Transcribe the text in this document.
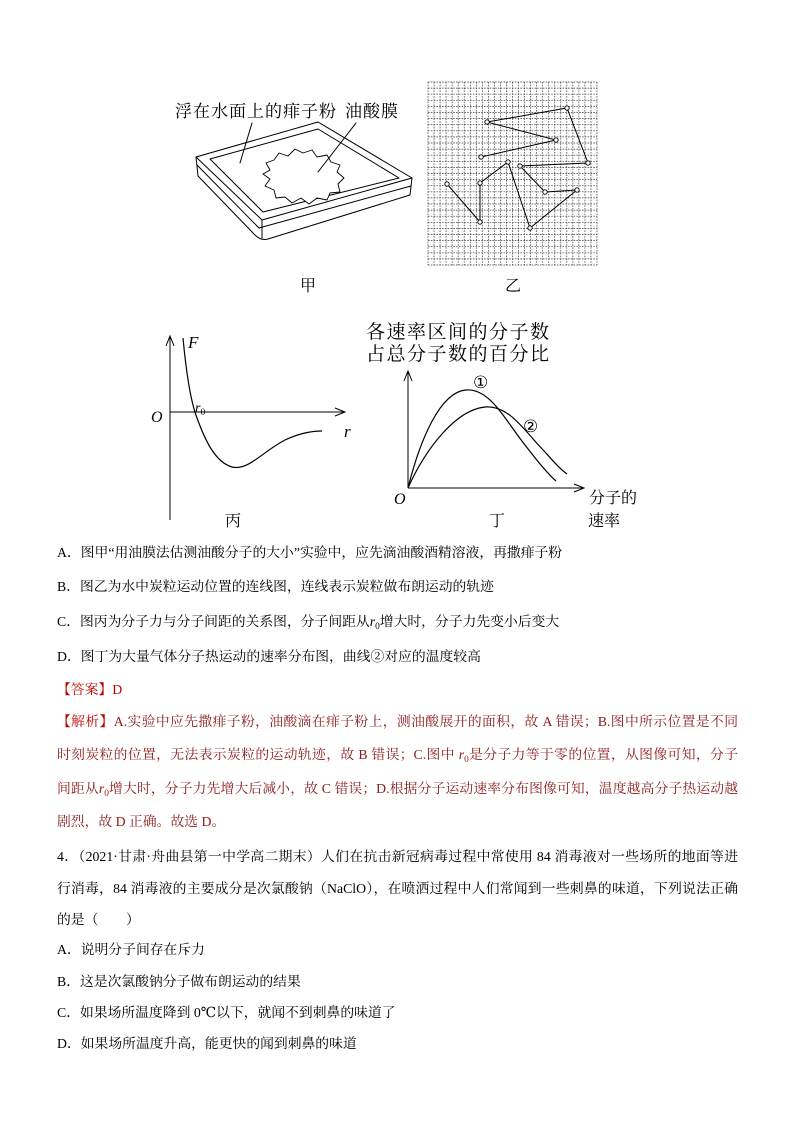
浮在水面上的痱子粉 油酸膜
甲	乙
F
O
$r_0$
r
丙
各速率区间的分子数
占总分子数的百分比
O	分子的
速率
①
②
丁
A．图甲“用油膜法估测油酸分子的大小”实验中，应先滴油酸酒精溶液，再撒痱子粉
B．图乙为水中炭粒运动位置的连线图，连线表示炭粒做布朗运动的轨迹
C．图丙为分子力与分子间距的关系图，分子间距从$r_0$增大时，分子力先变小后变大
D．图丁为大量气体分子热运动的速率分布图，曲线②对应的温度较高
【答案】D
【解析】A.实验中应先撒痱子粉，油酸滴在痱子粉上，测油酸展开的面积，故 A 错误；B.图中所示位置是不同
时刻炭粒的位置，无法表示炭粒的运动轨迹，故 B 错误；C.图中 $r_0$是分子力等于零的位置，从图像可知，分子
间距从$r_0$增大时，分子力先增大后减小，故 C 错误；D.根据分子运动速率分布图像可知，温度越高分子热运动越
剧烈，故 D 正确。故选 D。
4．（2021·甘肃·舟曲县第一中学高二期末）人们在抗击新冠病毒过程中常使用 84 消毒液对一些场所的地面等进
行消毒，84 消毒液的主要成分是次氯酸钠（NaClO），在喷洒过程中人们常闻到一些刺鼻的味道，下列说法正确
的是（　　）
A．说明分子间存在斥力
B．这是次氯酸钠分子做布朗运动的结果
C．如果场所温度降到 0℃以下，就闻不到刺鼻的味道了
D．如果场所温度升高，能更快的闻到刺鼻的味道
